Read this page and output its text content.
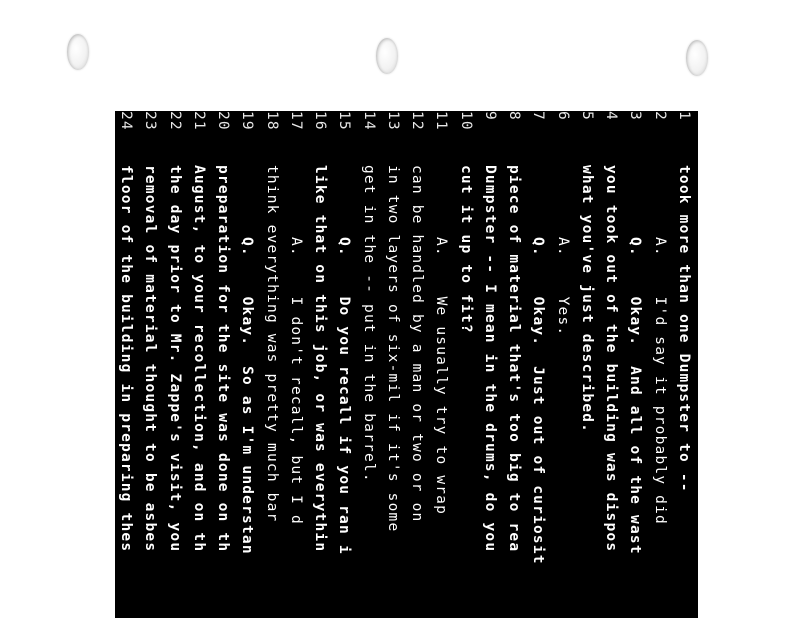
1took more than one Dumpster to --
2A.    I'd say it probably did
3Q.    Okay.  And all of the wast
4you took out of the building was dispos
5what you've just described.
6A.    Yes.
7Q.    Okay.  Just out of curiosit
8piece of material that's too big to rea
9Dumpster -- I mean in the drums, do you
10cut it up to fit?
11A.    We usually try to wrap
12can be handled by a man or two or on
13in two layers of six-mil if it's some
14get in the -- put in the barrel.
15Q.    Do you recall if you ran i
16like that on this job, or was everythin
17A.    I don't recall, but I d
18think everything was pretty much bar
19Q.    Okay.  So as I'm understan
20preparation for the site was done on th
21August, to your recollection, and on th
22the day prior to Mr. Zappe's visit, you
23removal of material thought to be asbes
24floor of the building in preparing thes
